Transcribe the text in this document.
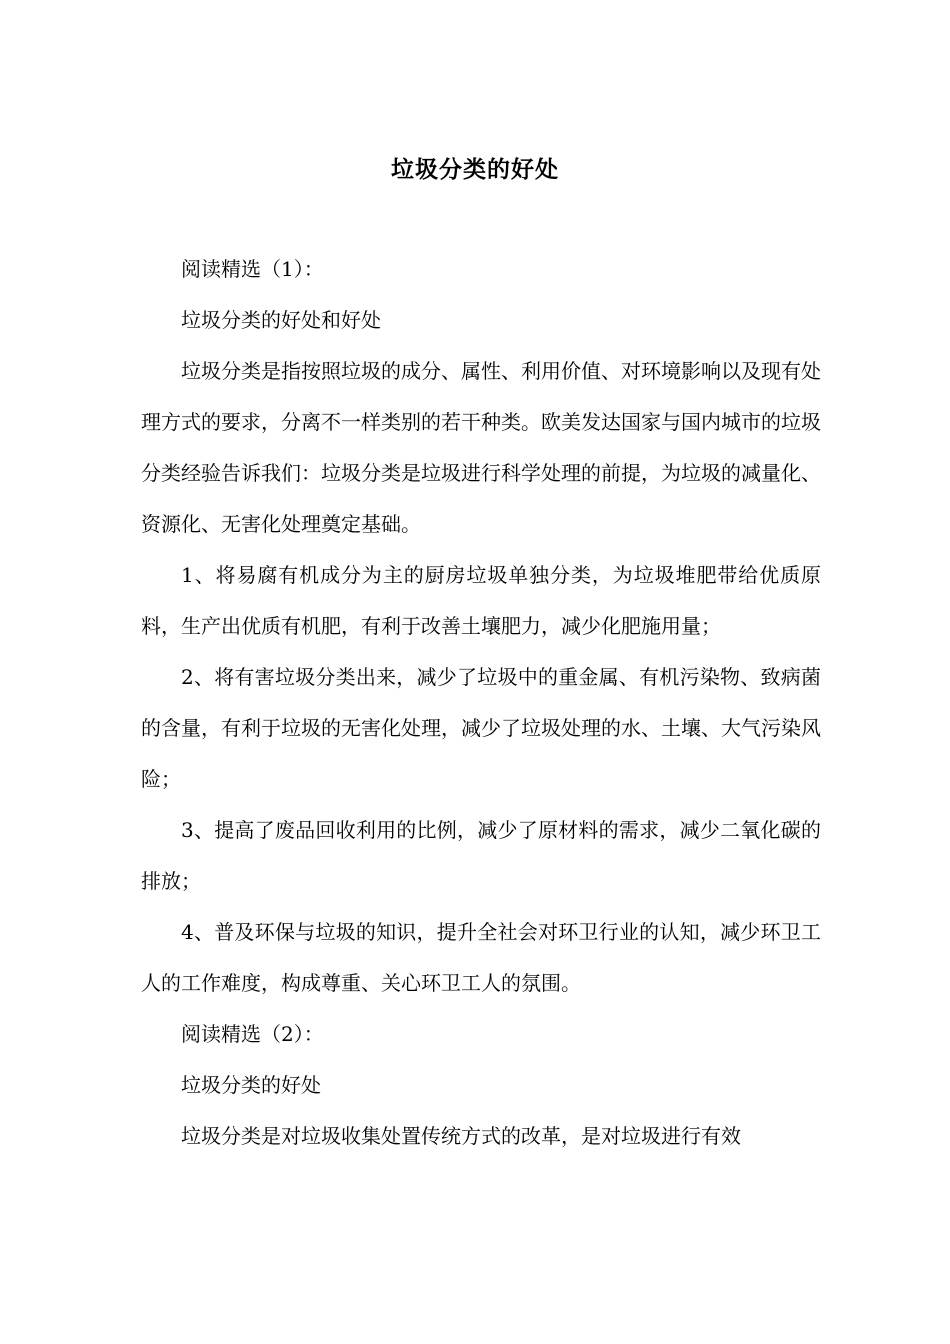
垃圾分类的好处

阅读精选（1）：

垃圾分类的好处和好处

垃圾分类是指按照垃圾的成分、属性、利用价值、对环境影响以及现有处理方式的要求，分离不一样类别的若干种类。欧美发达国家与国内城市的垃圾分类经验告诉我们：垃圾分类是垃圾进行科学处理的前提，为垃圾的减量化、资源化、无害化处理奠定基础。

1、将易腐有机成分为主的厨房垃圾单独分类，为垃圾堆肥带给优质原料，生产出优质有机肥，有利于改善土壤肥力，减少化肥施用量；

2、将有害垃圾分类出来，减少了垃圾中的重金属、有机污染物、致病菌的含量，有利于垃圾的无害化处理，减少了垃圾处理的水、土壤、大气污染风险；

3、提高了废品回收利用的比例，减少了原材料的需求，减少二氧化碳的排放；

4、普及环保与垃圾的知识，提升全社会对环卫行业的认知，减少环卫工人的工作难度，构成尊重、关心环卫工人的氛围。

阅读精选（2）：

垃圾分类的好处

垃圾分类是对垃圾收集处置传统方式的改革，是对垃圾进行有效
